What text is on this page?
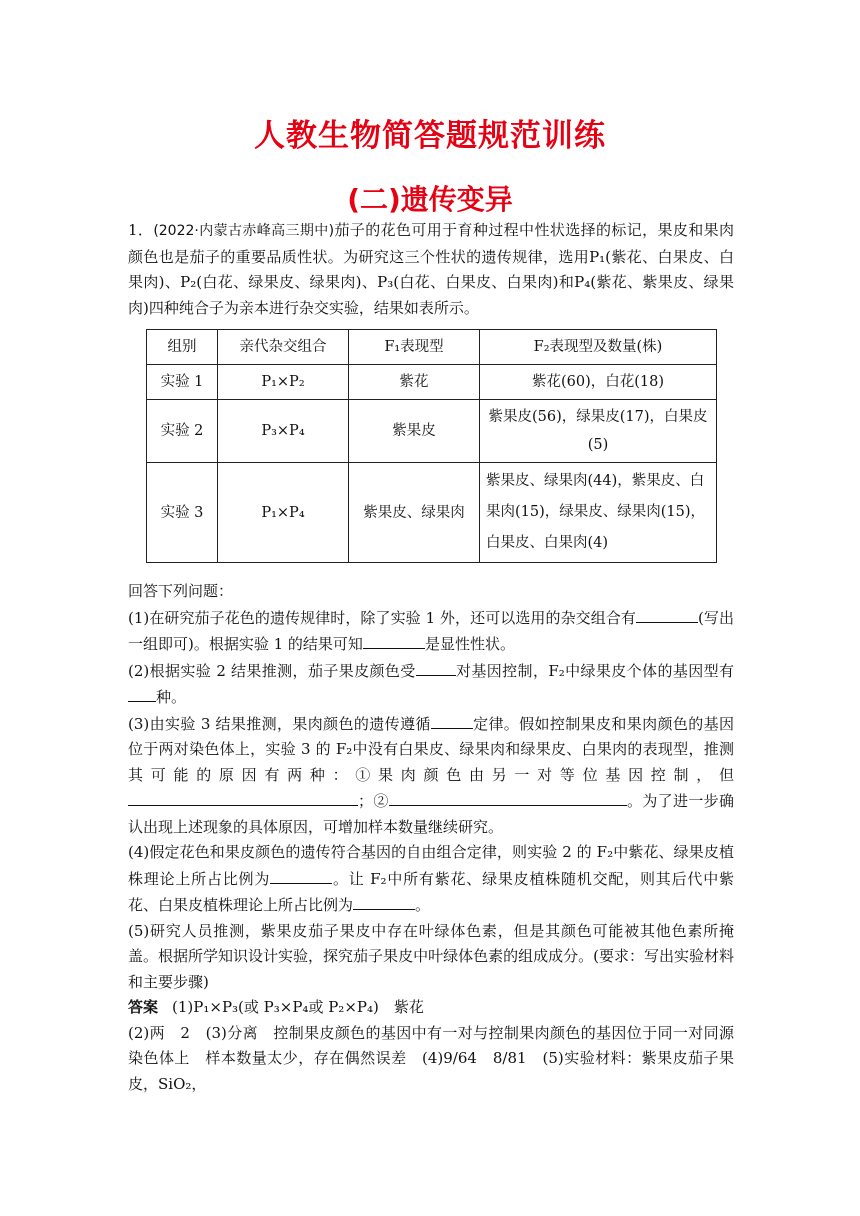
人教生物简答题规范训练
(二)遗传变异

1．(2022·内蒙古赤峰高三期中)茄子的花色可用于育种过程中性状选择的标记，果皮和果肉颜色也是茄子的重要品质性状。为研究这三个性状的遗传规律，选用P₁(紫花、白果皮、白果肉)、P₂(白花、绿果皮、绿果肉)、P₃(白花、白果皮、白果肉)和P₄(紫花、紫果皮、绿果肉)四种纯合子为亲本进行杂交实验，结果如表所示。

组别	亲代杂交组合	F₁表现型	F₂表现型及数量(株)
实验 1	P₁×P₂	紫花	紫花(60)，白花(18)
实验 2	P₃×P₄	紫果皮	紫果皮(56)，绿果皮(17)，白果皮(5)
实验 3	P₁×P₄	紫果皮、绿果肉	紫果皮、绿果肉(44)，紫果皮、白果肉(15)，绿果皮、绿果肉(15)，白果皮、白果肉(4)

回答下列问题：

(1)在研究茄子花色的遗传规律时，除了实验 1 外，还可以选用的杂交组合有	(写出一组即可)。根据实验 1 的结果可知	是显性性状。

(2)根据实验 2 结果推测，茄子果皮颜色受	对基因控制，F₂中绿果皮个体的基因型有种。

(3)由实验 3 结果推测，果肉颜色的遗传遵循	定律。假如控制果皮和果肉颜色的基因位于两对染色体上，实验 3 的 F₂中没有白果皮、绿果肉和绿果皮、白果肉的表现型，推测其可能的原因有两种：①果肉颜色由另一对等位基因控制，但；②	。为了进一步确认出现上述现象的具体原因，可增加样本数量继续研究。

(4)假定花色和果皮颜色的遗传符合基因的自由组合定律，则实验 2 的 F₂中紫花、绿果皮植株理论上所占比例为	。让 F₂中所有紫花、绿果皮植株随机交配，则其后代中紫花、白果皮植株理论上所占比例为	。

(5)研究人员推测，紫果皮茄子果皮中存在叶绿体色素，但是其颜色可能被其他色素所掩盖。根据所学知识设计实验，探究茄子果皮中叶绿体色素的组成成分。(要求：写出实验材料和主要步骤)

答案 (1)P₁×P₃(或 P₃×P₄或 P₂×P₄)　紫花

(2)两　2　(3)分离　控制果皮颜色的基因中有一对与控制果肉颜色的基因位于同一对同源染色体上　样本数量太少，存在偶然误差　(4)9/64　8/81　(5)实验材料：紫果皮茄子果皮，SiO₂，
